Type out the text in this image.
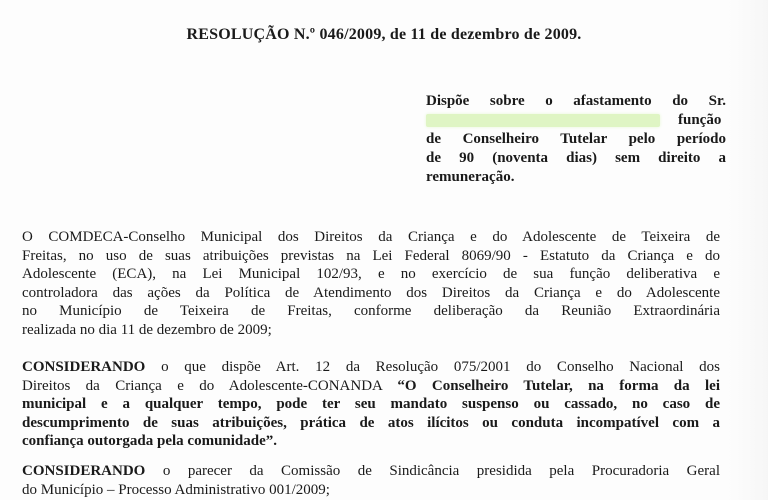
RESOLUÇÃO N.º 046/2009, de 11 de dezembro de 2009.
Dispõe sobre o afastamento do Sr.
função
de Conselheiro Tutelar pelo período
de 90 (noventa dias) sem direito a
remuneração.
O COMDECA-Conselho Municipal dos Direitos da Criança e do Adolescente de Teixeira de
Freitas, no uso de suas atribuições previstas na Lei Federal 8069/90 - Estatuto da Criança e do
Adolescente (ECA), na Lei Municipal 102/93, e no exercício de sua função deliberativa e
controladora das ações da Política de Atendimento dos Direitos da Criança e do Adolescente
no Município de Teixeira de Freitas, conforme deliberação da Reunião Extraordinária
realizada no dia 11 de dezembro de 2009;
CONSIDERANDO o que dispõe Art. 12 da Resolução 075/2001 do Conselho Nacional dos
Direitos da Criança e do Adolescente-CONANDA “O Conselheiro Tutelar, na forma da lei
municipal e a qualquer tempo, pode ter seu mandato suspenso ou cassado, no caso de
descumprimento de suas atribuições, prática de atos ilícitos ou conduta incompatível com a
confiança outorgada pela comunidade”.
CONSIDERANDO o parecer da Comissão de Sindicância presidida pela Procuradoria Geral
do Município – Processo Administrativo 001/2009;
